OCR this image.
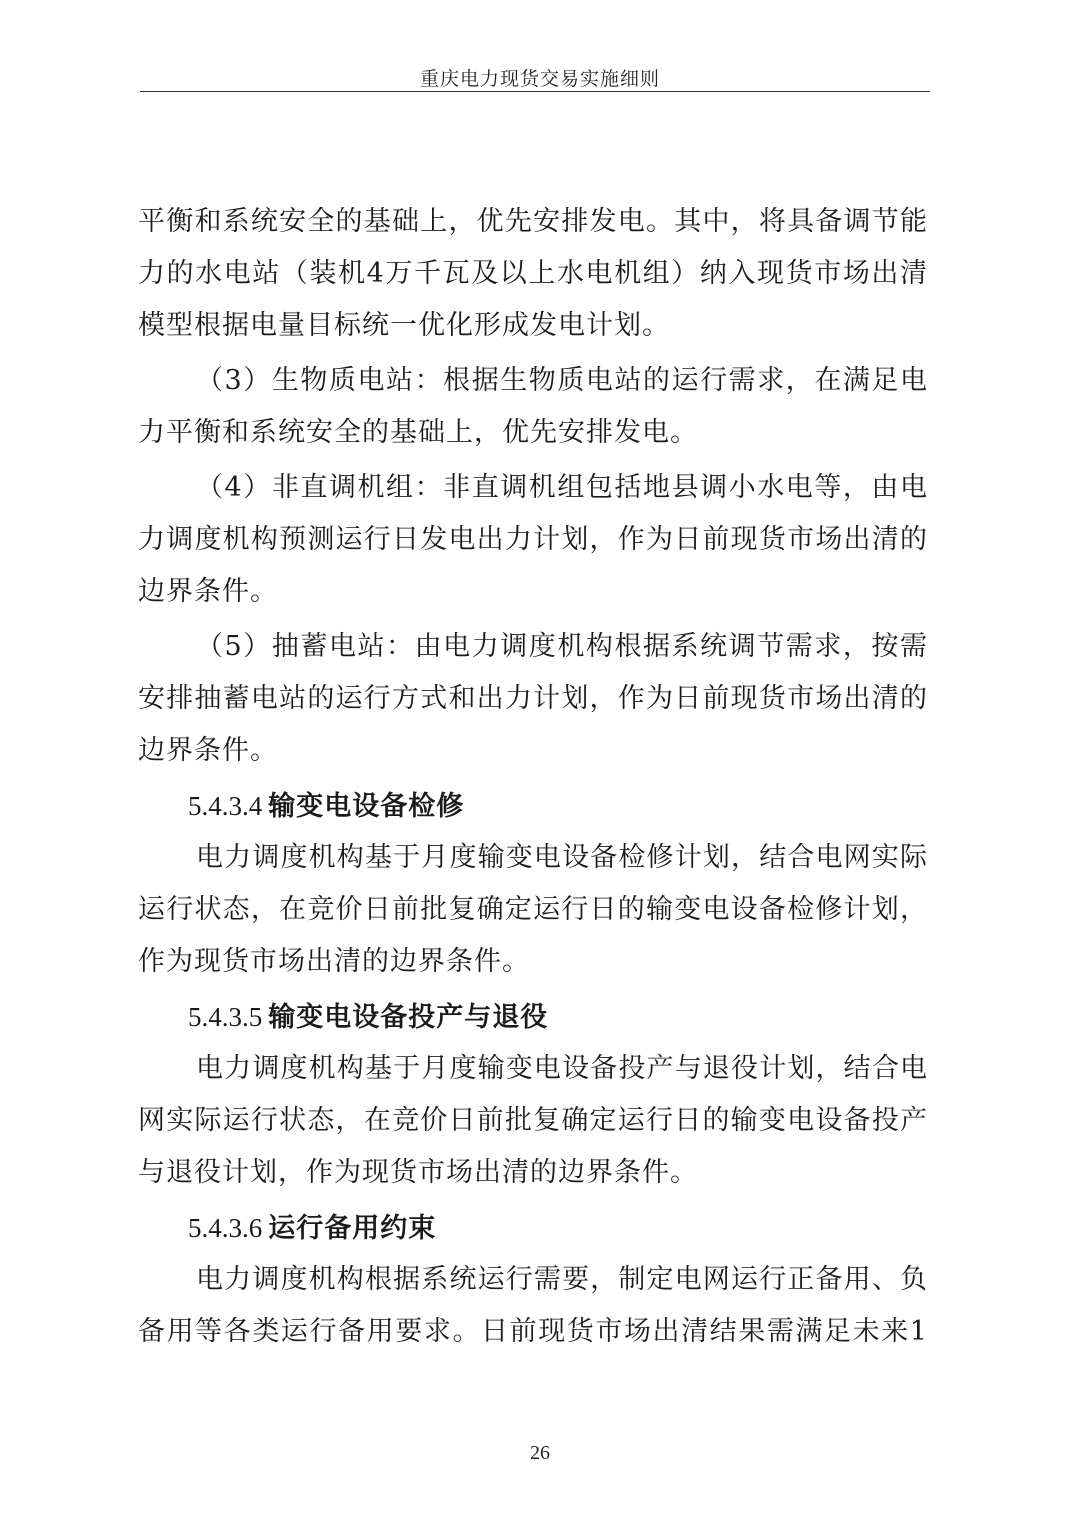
重庆电力现货交易实施细则
平衡和系统安全的基础上，优先安排发电。其中，将具备调节能
力的水电站（装机4万千瓦及以上水电机组）纳入现货市场出清
模型根据电量目标统一优化形成发电计划。
（3）生物质电站：根据生物质电站的运行需求，在满足电
力平衡和系统安全的基础上，优先安排发电。
（4）非直调机组：非直调机组包括地县调小水电等，由电
力调度机构预测运行日发电出力计划，作为日前现货市场出清的
边界条件。
（5）抽蓄电站：由电力调度机构根据系统调节需求，按需
安排抽蓄电站的运行方式和出力计划，作为日前现货市场出清的
边界条件。
5.4.3.4 输变电设备检修
电力调度机构基于月度输变电设备检修计划，结合电网实际
运行状态，在竞价日前批复确定运行日的输变电设备检修计划，
作为现货市场出清的边界条件。
5.4.3.5 输变电设备投产与退役
电力调度机构基于月度输变电设备投产与退役计划，结合电
网实际运行状态，在竞价日前批复确定运行日的输变电设备投产
与退役计划，作为现货市场出清的边界条件。
5.4.3.6 运行备用约束
电力调度机构根据系统运行需要，制定电网运行正备用、负
备用等各类运行备用要求。日前现货市场出清结果需满足未来1
26
